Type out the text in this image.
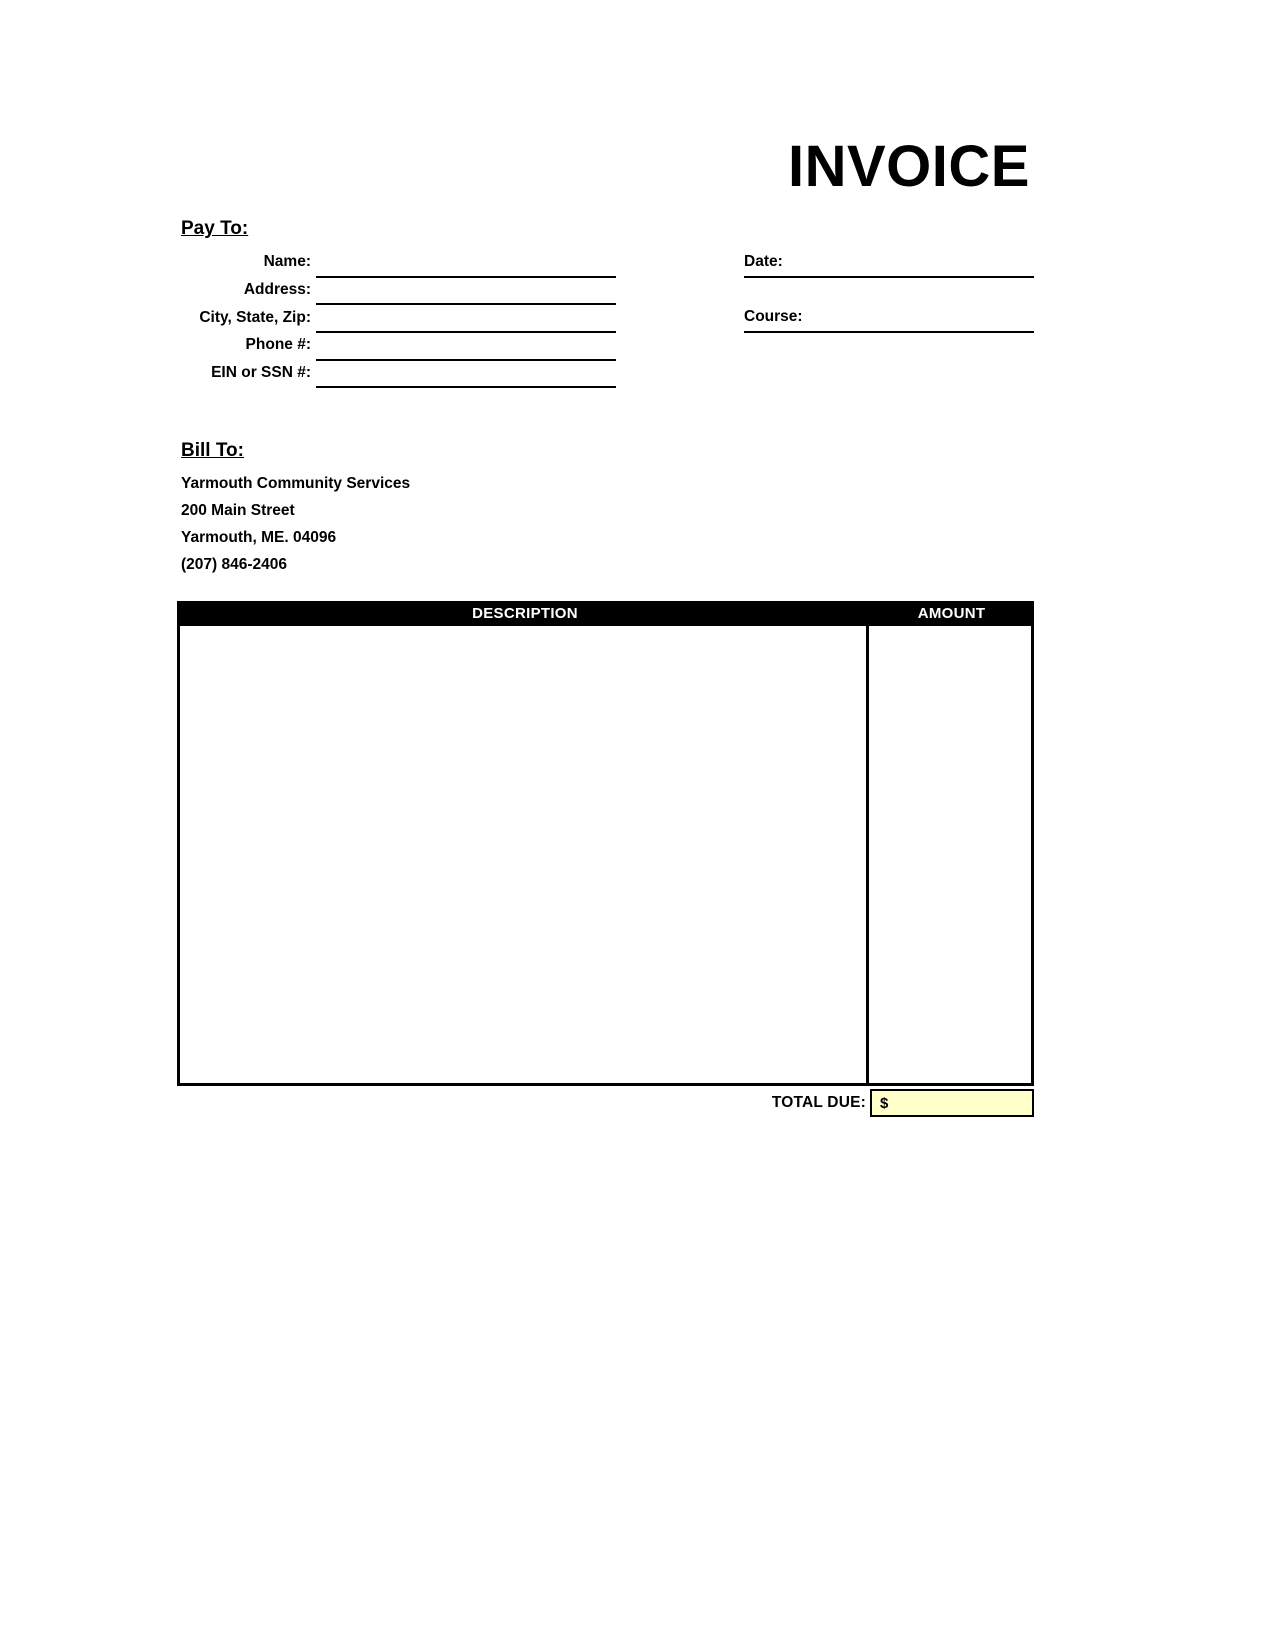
INVOICE
Pay To:
Name:
Address:
City, State, Zip:
Phone #:
EIN or SSN #:
Date:
Course:
Bill To:
Yarmouth Community Services
200 Main Street
Yarmouth, ME. 04096
(207) 846-2406
DESCRIPTION	AMOUNT
TOTAL DUE: $
